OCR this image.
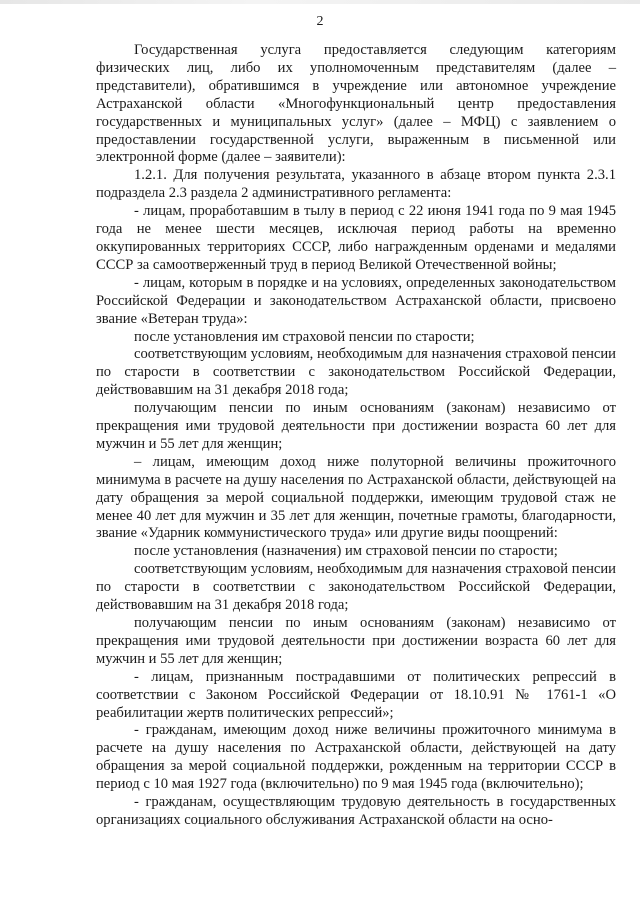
2

Государственная услуга предоставляется следующим категориям физических лиц, либо их уполномоченным представителям (далее – представители), обратившимся в учреждение или автономное учреждение Астраханской области «Многофункциональный центр предоставления государственных и муниципальных услуг» (далее – МФЦ) с заявлением о предоставлении государственной услуги, выраженным в письменной или электронной форме (далее – заявители):

1.2.1. Для получения результата, указанного в абзаце втором пункта 2.3.1 подраздела 2.3 раздела 2 административного регламента:

- лицам, проработавшим в тылу в период с 22 июня 1941 года по 9 мая 1945 года не менее шести месяцев, исключая период работы на временно оккупированных территориях СССР, либо награжденным орденами и медалями СССР за самоотверженный труд в период Великой Отечественной войны;

- лицам, которым в порядке и на условиях, определенных законодательством Российской Федерации и законодательством Астраханской области, присвоено звание «Ветеран труда»:

после установления им страховой пенсии по старости;

соответствующим условиям, необходимым для назначения страховой пенсии по старости в соответствии с законодательством Российской Федерации, действовавшим на 31 декабря 2018 года;

получающим пенсии по иным основаниям (законам) независимо от прекращения ими трудовой деятельности при достижении возраста 60 лет для мужчин и 55 лет для женщин;

– лицам, имеющим доход ниже полуторной величины прожиточного минимума в расчете на душу населения по Астраханской области, действующей на дату обращения за мерой социальной поддержки, имеющим трудовой стаж не менее 40 лет для мужчин и 35 лет для женщин, почетные грамоты, благодарности, звание «Ударник коммунистического труда» или другие виды поощрений:

после установления (назначения) им страховой пенсии по старости;

соответствующим условиям, необходимым для назначения страховой пенсии по старости в соответствии с законодательством Российской Федерации, действовавшим на 31 декабря 2018 года;

получающим пенсии по иным основаниям (законам) независимо от прекращения ими трудовой деятельности при достижении возраста 60 лет для мужчин и 55 лет для женщин;

- лицам, признанным пострадавшими от политических репрессий в соответствии с Законом Российской Федерации от 18.10.91 № 1761-1 «О реабилитации жертв политических репрессий»;

- гражданам, имеющим доход ниже величины прожиточного минимума в расчете на душу населения по Астраханской области, действующей на дату обращения за мерой социальной поддержки, рожденным на территории СССР в период с 10 мая 1927 года (включительно) по 9 мая 1945 года (включительно);

- гражданам, осуществляющим трудовую деятельность в государственных организациях социального обслуживания Астраханской области на осно-
